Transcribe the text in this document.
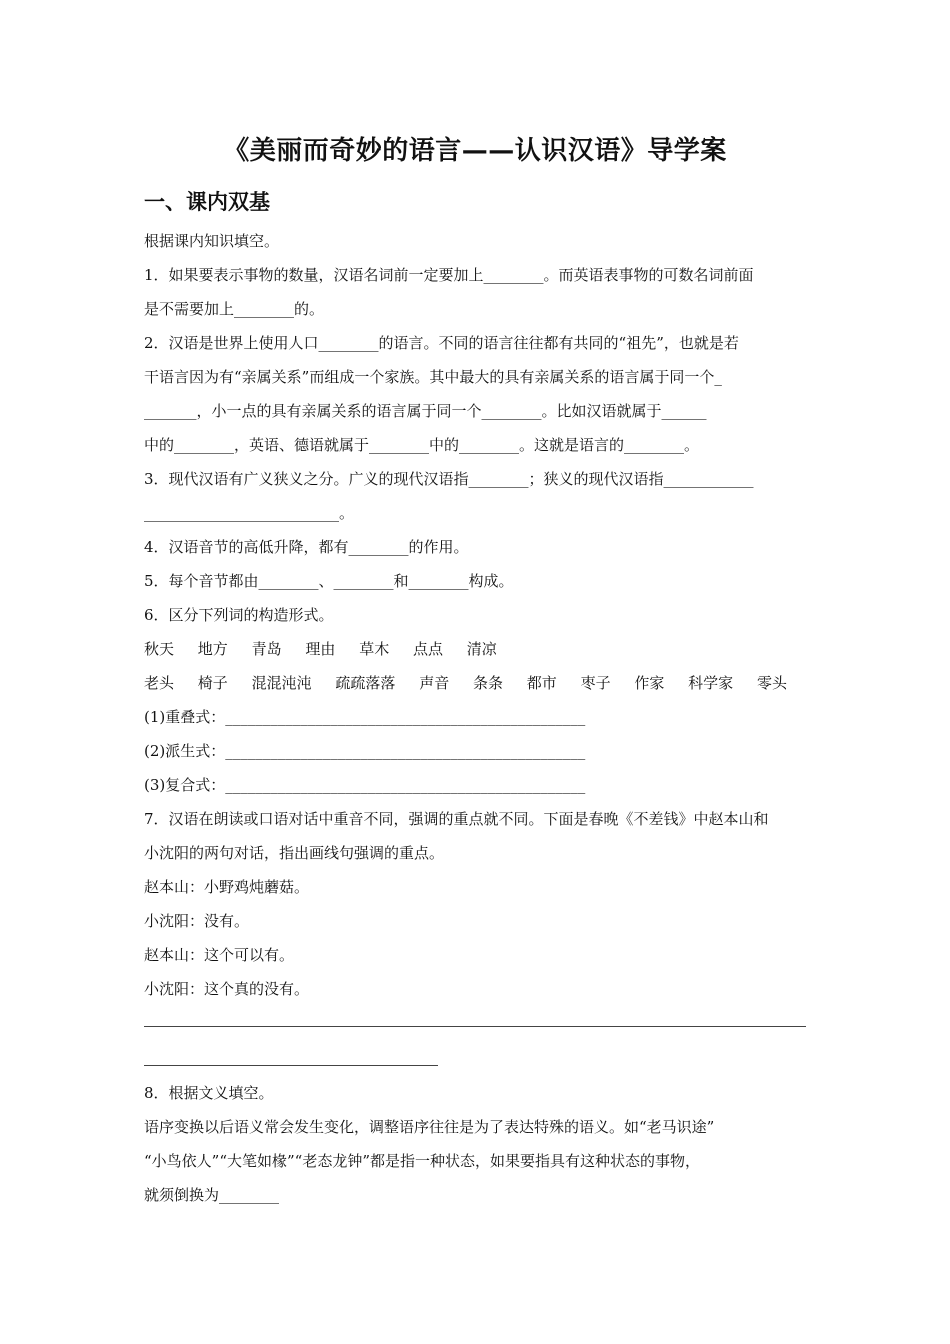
《美丽而奇妙的语言——认识汉语》导学案
一、课内双基
根据课内知识填空。
1．如果要表示事物的数量，汉语名词前一定要加上________。而英语表事物的可数名词前面
是不需要加上________的。
2．汉语是世界上使用人口________的语言。不同的语言往往都有共同的“祖先”，也就是若
干语言因为有“亲属关系”而组成一个家族。其中最大的具有亲属关系的语言属于同一个_
_______，小一点的具有亲属关系的语言属于同一个________。比如汉语就属于______
中的________，英语、德语就属于________中的________。这就是语言的________。
3．现代汉语有广义狭义之分。广义的现代汉语指________；狭义的现代汉语指____________
__________________________。
4．汉语音节的高低升降，都有________的作用。
5．每个音节都由________、________和________构成。
6．区分下列词的构造形式。
秋天 地方 青岛 理由 草木 点点 清凉
老头 椅子 混混沌沌 疏疏落落 声音 条条 都市 枣子 作家 科学家 零头
(1)重叠式：________________________________________________
(2)派生式：________________________________________________
(3)复合式：________________________________________________
7．汉语在朗读或口语对话中重音不同，强调的重点就不同。下面是春晚《不差钱》中赵本山和
小沈阳的两句对话，指出画线句强调的重点。
赵本山：小野鸡炖蘑菇。
小沈阳：没有。
赵本山：这个可以有。
小沈阳：这个真的没有。
8．根据文义填空。
语序变换以后语义常会发生变化，调整语序往往是为了表达特殊的语义。如“老马识途”
“小鸟依人”“大笔如椽”“老态龙钟”都是指一种状态，如果要指具有这种状态的事物，
就须倒换为________
